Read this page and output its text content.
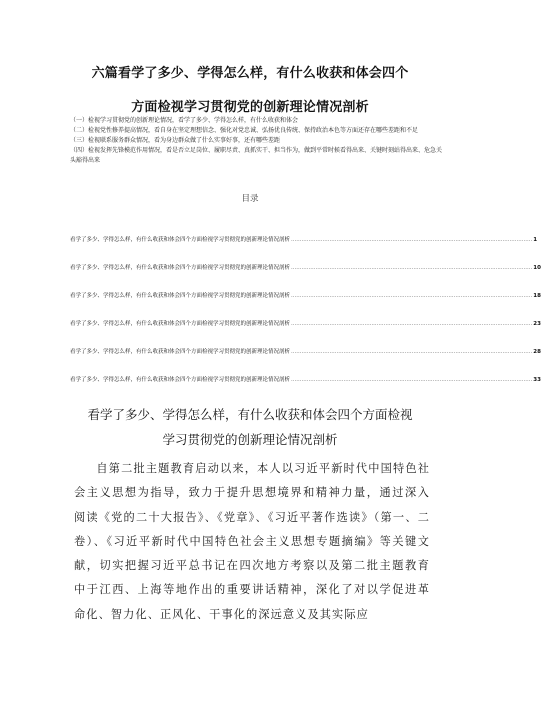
六篇看学了多少、学得怎么样，有什么收获和体会四个
方面检视学习贯彻党的创新理论情况剖析
（一）检视学习贯彻党的创新理论情况，看学了多少、学得怎么样，有什么收获和体会
（二）检视党性修养提高情况，看自身在坚定理想信念、强化对党忠诚、弘扬优良传统、保持政治本色等方面还存在哪些差距和不足
（三）检视联系服务群众情况，看为身边群众做了什么实事好事，还有哪些差距
（四）检视发挥先锋模范作用情况，看是否立足岗位、履职尽责、真抓实干、担当作为，做到平常时候看得出来、关键时刻站得出来、危急关头豁得出来
目录
看学了多少、学得怎么样，有什么收获和体会四个方面检视学习贯彻党的创新理论情况剖析 .......................................................................................................................................... 1
看学了多少、学得怎么样，有什么收获和体会四个方面检视学习贯彻党的创新理论情况剖析 .......................................................................................................................................... 10
看学了多少、学得怎么样，有什么收获和体会四个方面检视学习贯彻党的创新理论情况剖析 .......................................................................................................................................... 18
看学了多少、学得怎么样，有什么收获和体会四个方面检视学习贯彻党的创新理论情况剖析 .......................................................................................................................................... 23
看学了多少、学得怎么样，有什么收获和体会四个方面检视学习贯彻党的创新理论情况剖析 .......................................................................................................................................... 28
看学了多少、学得怎么样，有什么收获和体会四个方面检视学习贯彻党的创新理论情况剖析 .......................................................................................................................................... 33
看学了多少、学得怎么样，有什么收获和体会四个方面检视
学习贯彻党的创新理论情况剖析
自第二批主题教育启动以来，本人以习近平新时代中国特色社会主义思想为指导，致力于提升思想境界和精神力量，通过深入阅读《党的二十大报告》、《党章》、《习近平著作选读》（第一、二卷）、《习近平新时代中国特色社会主义思想专题摘编》等关键文献，切实把握习近平总书记在四次地方考察以及第二批主题教育中于江西、上海等地作出的重要讲话精神，深化了对以学促进革命化、智力化、正风化、干事化的深远意义及其实际应
